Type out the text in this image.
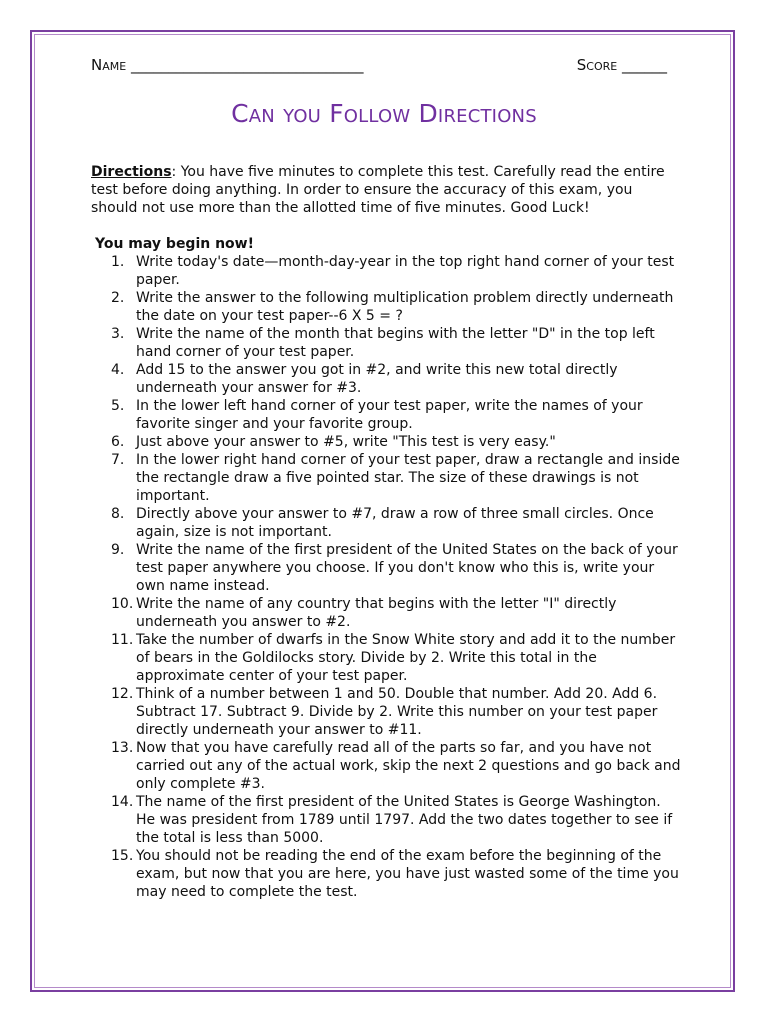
Name _______________________________	Score ______
Can you Follow Directions
Directions: You have five minutes to complete this test. Carefully read the entire test before doing anything. In order to ensure the accuracy of this exam, you should not use more than the allotted time of five minutes. Good Luck!
You may begin now!
1. Write today's date—month-day-year in the top right hand corner of your test paper.
2. Write the answer to the following multiplication problem directly underneath the date on your test paper--6 X 5 = ?
3. Write the name of the month that begins with the letter "D" in the top left hand corner of your test paper.
4. Add 15 to the answer you got in #2, and write this new total directly underneath your answer for #3.
5. In the lower left hand corner of your test paper, write the names of your favorite singer and your favorite group.
6. Just above your answer to #5, write "This test is very easy."
7. In the lower right hand corner of your test paper, draw a rectangle and inside the rectangle draw a five pointed star. The size of these drawings is not important.
8. Directly above your answer to #7, draw a row of three small circles. Once again, size is not important.
9. Write the name of the first president of the United States on the back of your test paper anywhere you choose. If you don't know who this is, write your own name instead.
10. Write the name of any country that begins with the letter "I" directly underneath you answer to #2.
11. Take the number of dwarfs in the Snow White story and add it to the number of bears in the Goldilocks story. Divide by 2. Write this total in the approximate center of your test paper.
12. Think of a number between 1 and 50. Double that number. Add 20. Add 6. Subtract 17. Subtract 9. Divide by 2. Write this number on your test paper directly underneath your answer to #11.
13. Now that you have carefully read all of the parts so far, and you have not carried out any of the actual work, skip the next 2 questions and go back and only complete #3.
14. The name of the first president of the United States is George Washington. He was president from 1789 until 1797. Add the two dates together to see if the total is less than 5000.
15. You should not be reading the end of the exam before the beginning of the exam, but now that you are here, you have just wasted some of the time you may need to complete the test.
